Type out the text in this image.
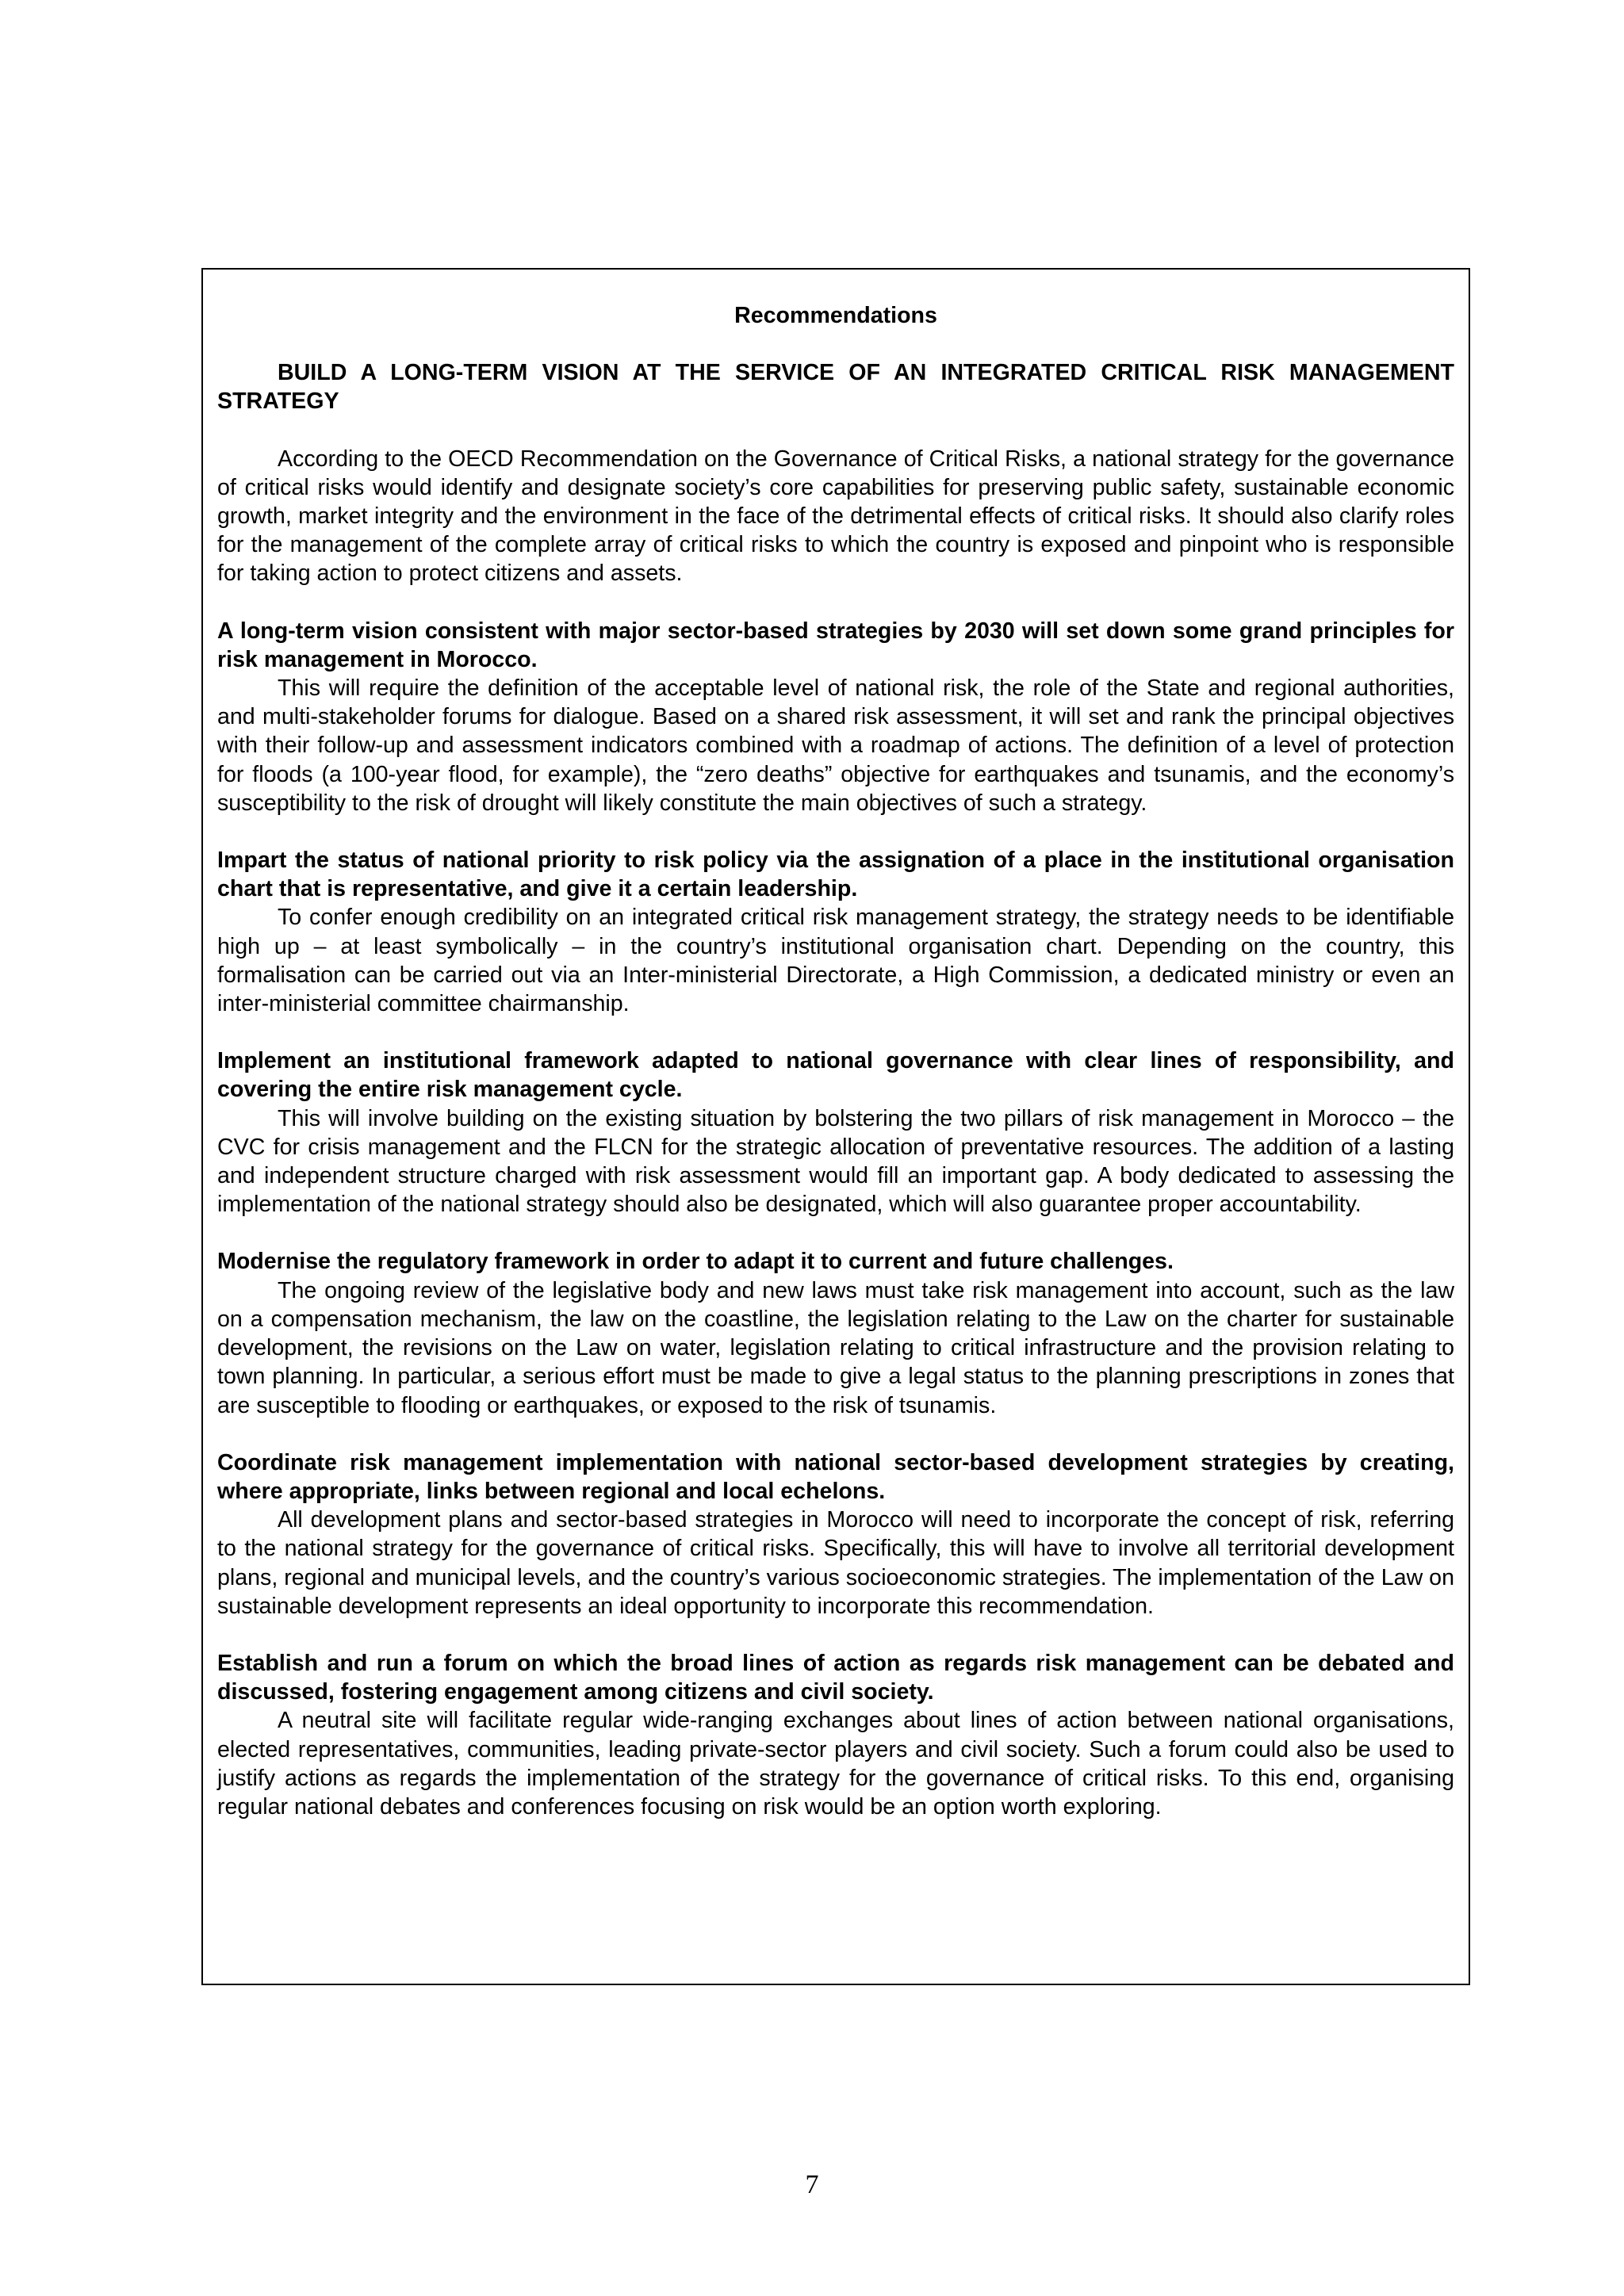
Recommendations

BUILD A LONG-TERM VISION AT THE SERVICE OF AN INTEGRATED CRITICAL RISK MANAGEMENT STRATEGY

According to the OECD Recommendation on the Governance of Critical Risks, a national strategy for the governance of critical risks would identify and designate society’s core capabilities for preserving public safety, sustainable economic growth, market integrity and the environment in the face of the detrimental effects of critical risks. It should also clarify roles for the management of the complete array of critical risks to which the country is exposed and pinpoint who is responsible for taking action to protect citizens and assets.

A long-term vision consistent with major sector-based strategies by 2030 will set down some grand principles for risk management in Morocco.

This will require the definition of the acceptable level of national risk, the role of the State and regional authorities, and multi-stakeholder forums for dialogue. Based on a shared risk assessment, it will set and rank the principal objectives with their follow-up and assessment indicators combined with a roadmap of actions. The definition of a level of protection for floods (a 100-year flood, for example), the “zero deaths” objective for earthquakes and tsunamis, and the economy’s susceptibility to the risk of drought will likely constitute the main objectives of such a strategy.

Impart the status of national priority to risk policy via the assignation of a place in the institutional organisation chart that is representative, and give it a certain leadership.

To confer enough credibility on an integrated critical risk management strategy, the strategy needs to be identifiable high up – at least symbolically – in the country’s institutional organisation chart. Depending on the country, this formalisation can be carried out via an Inter-ministerial Directorate, a High Commission, a dedicated ministry or even an inter-ministerial committee chairmanship.

Implement an institutional framework adapted to national governance with clear lines of responsibility, and covering the entire risk management cycle.

This will involve building on the existing situation by bolstering the two pillars of risk management in Morocco – the CVC for crisis management and the FLCN for the strategic allocation of preventative resources. The addition of a lasting and independent structure charged with risk assessment would fill an important gap. A body dedicated to assessing the implementation of the national strategy should also be designated, which will also guarantee proper accountability.

Modernise the regulatory framework in order to adapt it to current and future challenges.

The ongoing review of the legislative body and new laws must take risk management into account, such as the law on a compensation mechanism, the law on the coastline, the legislation relating to the Law on the charter for sustainable development, the revisions on the Law on water, legislation relating to critical infrastructure and the provision relating to town planning. In particular, a serious effort must be made to give a legal status to the planning prescriptions in zones that are susceptible to flooding or earthquakes, or exposed to the risk of tsunamis.

Coordinate risk management implementation with national sector-based development strategies by creating, where appropriate, links between regional and local echelons.

All development plans and sector-based strategies in Morocco will need to incorporate the concept of risk, referring to the national strategy for the governance of critical risks. Specifically, this will have to involve all territorial development plans, regional and municipal levels, and the country’s various socioeconomic strategies. The implementation of the Law on sustainable development represents an ideal opportunity to incorporate this recommendation.

Establish and run a forum on which the broad lines of action as regards risk management can be debated and discussed, fostering engagement among citizens and civil society.

A neutral site will facilitate regular wide-ranging exchanges about lines of action between national organisations, elected representatives, communities, leading private-sector players and civil society. Such a forum could also be used to justify actions as regards the implementation of the strategy for the governance of critical risks. To this end, organising regular national debates and conferences focusing on risk would be an option worth exploring.

7
